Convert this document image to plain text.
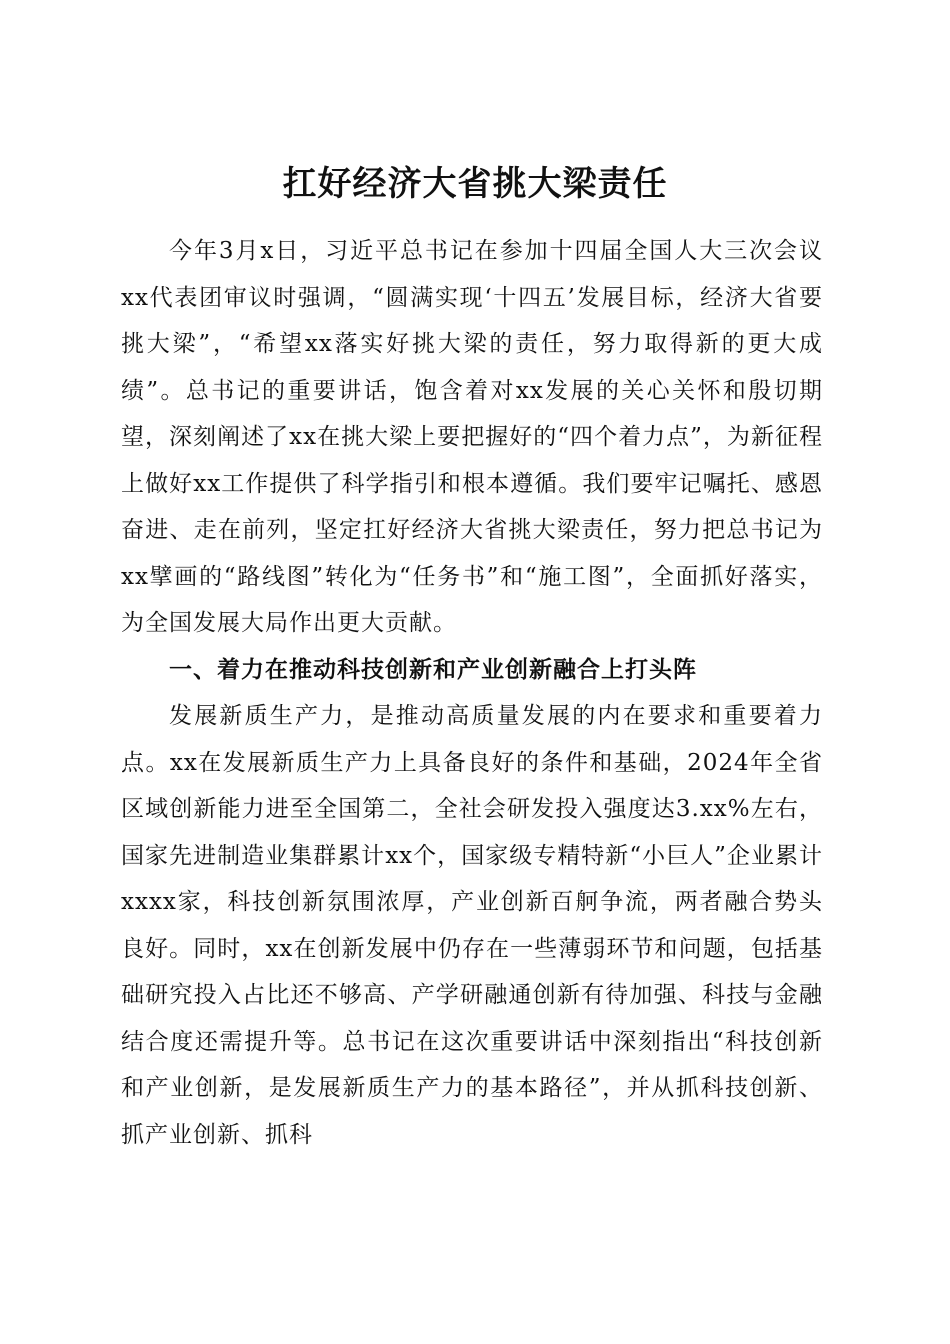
扛好经济大省挑大梁责任

今年3月x日，习近平总书记在参加十四届全国人大三次会议xx代表团审议时强调，“圆满实现‘十四五’发展目标，经济大省要挑大梁”，“希望xx落实好挑大梁的责任，努力取得新的更大成绩”。总书记的重要讲话，饱含着对xx发展的关心关怀和殷切期望，深刻阐述了xx在挑大梁上要把握好的“四个着力点”，为新征程上做好xx工作提供了科学指引和根本遵循。我们要牢记嘱托、感恩奋进、走在前列，坚定扛好经济大省挑大梁责任，努力把总书记为xx擘画的“路线图”转化为“任务书”和“施工图”，全面抓好落实，为全国发展大局作出更大贡献。

一、着力在推动科技创新和产业创新融合上打头阵

发展新质生产力，是推动高质量发展的内在要求和重要着力点。xx在发展新质生产力上具备良好的条件和基础，2024年全省区域创新能力进至全国第二，全社会研发投入强度达3.xx%左右，国家先进制造业集群累计xx个，国家级专精特新“小巨人”企业累计xxxx家，科技创新氛围浓厚，产业创新百舸争流，两者融合势头良好。同时，xx在创新发展中仍存在一些薄弱环节和问题，包括基础研究投入占比还不够高、产学研融通创新有待加强、科技与金融结合度还需提升等。总书记在这次重要讲话中深刻指出“科技创新和产业创新，是发展新质生产力的基本路径”，并从抓科技创新、抓产业创新、抓科
